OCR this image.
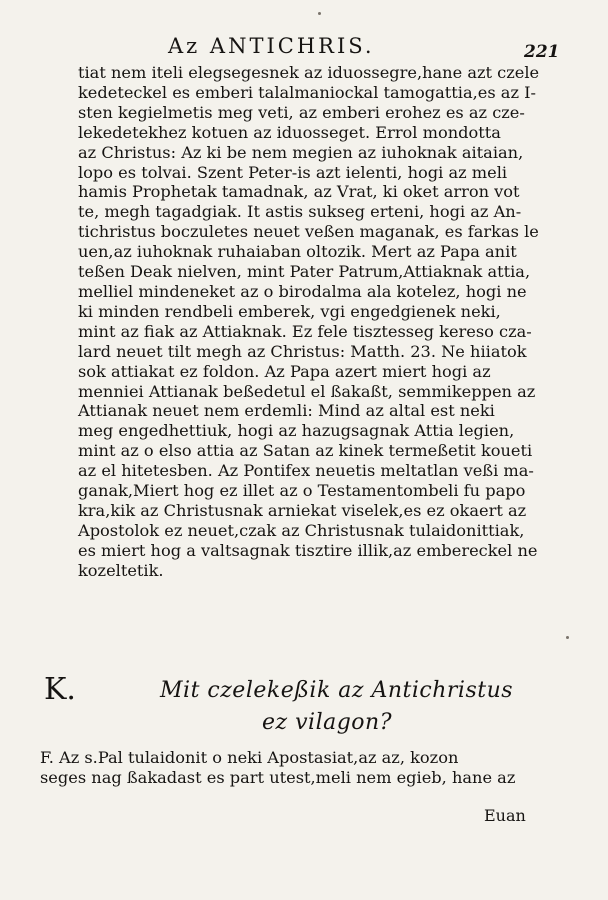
Az ANTICHRIS.	221
tiat nem iteli elegsegesnek az iduossegre,hane azt czele
kedeteckel es emberi talalmaniockal tamogattia,es az I-
sten kegielmetis meg veti, az emberi erohez es az cze-
lekedetekhez kotuen az iduosseget. Errol mondotta
az Christus: Az ki be nem megien az iuhoknak aitaian,
lopo es tolvai. Szent Peter-is azt ielenti, hogi az meli
hamis Prophetak tamadnak, az Vrat, ki oket arron vot
te, megh tagadgiak. It astis sukseg erteni, hogi az An-
tichristus boczuletes neuet veßen maganak, es farkas le
uen,az iuhoknak ruhaiaban oltozik. Mert az Papa anit
teßen Deak nielven, mint Pater Patrum,Attiaknak attia,
melliel mindeneket az o birodalma ala kotelez, hogi ne
ki minden rendbeli emberek, vgi engedgienek neki,
mint az fiak az Attiaknak. Ez fele tisztesseg kereso cza-
lard neuet tilt megh az Christus: Matth. 23. Ne hiiatok
sok attiakat ez foldon. Az Papa azert miert hogi az
menniei Attianak beßedetul el ßakaßt, semmikeppen az
Attianak neuet nem erdemli: Mind az altal est neki
meg engedhettiuk, hogi az hazugsagnak Attia legien,
mint az o elso attia az Satan az kinek termeßetit koueti
az el hitetesben. Az Pontifex neuetis meltatlan veßi ma-
ganak,Miert hog ez illet az o Testamentombeli fu papo
kra,kik az Christusnak arniekat viselek,es ez okaert az
Apostolok ez neuet,czak az Christusnak tulaidonittiak,
es miert hog a valtsagnak tisztire illik,az embereckel ne
kozeltetik.
K.	Mit czelekeßik az Antichristus
ez vilagon?
F. Az s.Pal tulaidonit o neki Apostasiat,az az, kozon
seges nag ßakadast es part utest,meli nem egieb, hane az
Euan
